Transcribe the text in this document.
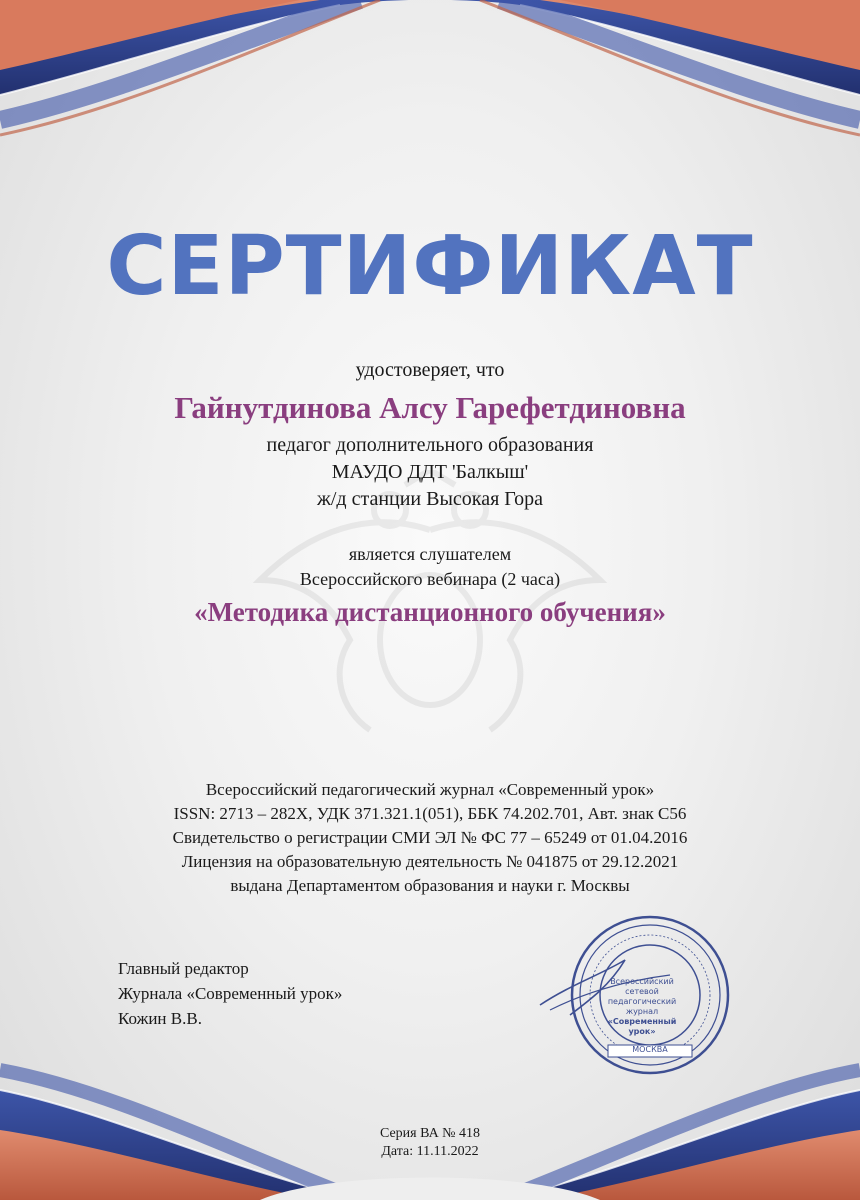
СЕРТИФИКАТ
удостоверяет, что
Гайнутдинова Алсу Гарефетдиновна
педагог дополнительного образования
МАУДО ДДТ 'Балкыш'
ж/д станции Высокая Гора
является слушателем
Всероссийского вебинара (2 часа)
«Методика дистанционного обучения»
Всероссийский педагогический журнал «Современный урок»
ISSN: 2713 – 282X, УДК 371.321.1(051), ББК 74.202.701, Авт. знак С56
Свидетельство о регистрации СМИ ЭЛ № ФС 77 – 65249 от 01.04.2016
Лицензия на образовательную деятельность № 041875 от 29.12.2021
выдана Департаментом образования и науки г. Москвы
Главный редактор
Журнала «Современный урок»
Кожин В.В.
Всероссийский сетевой
педагогический журнал
«Современный урок»
МОСКВА
Серия ВА № 418
Дата: 11.11.2022
